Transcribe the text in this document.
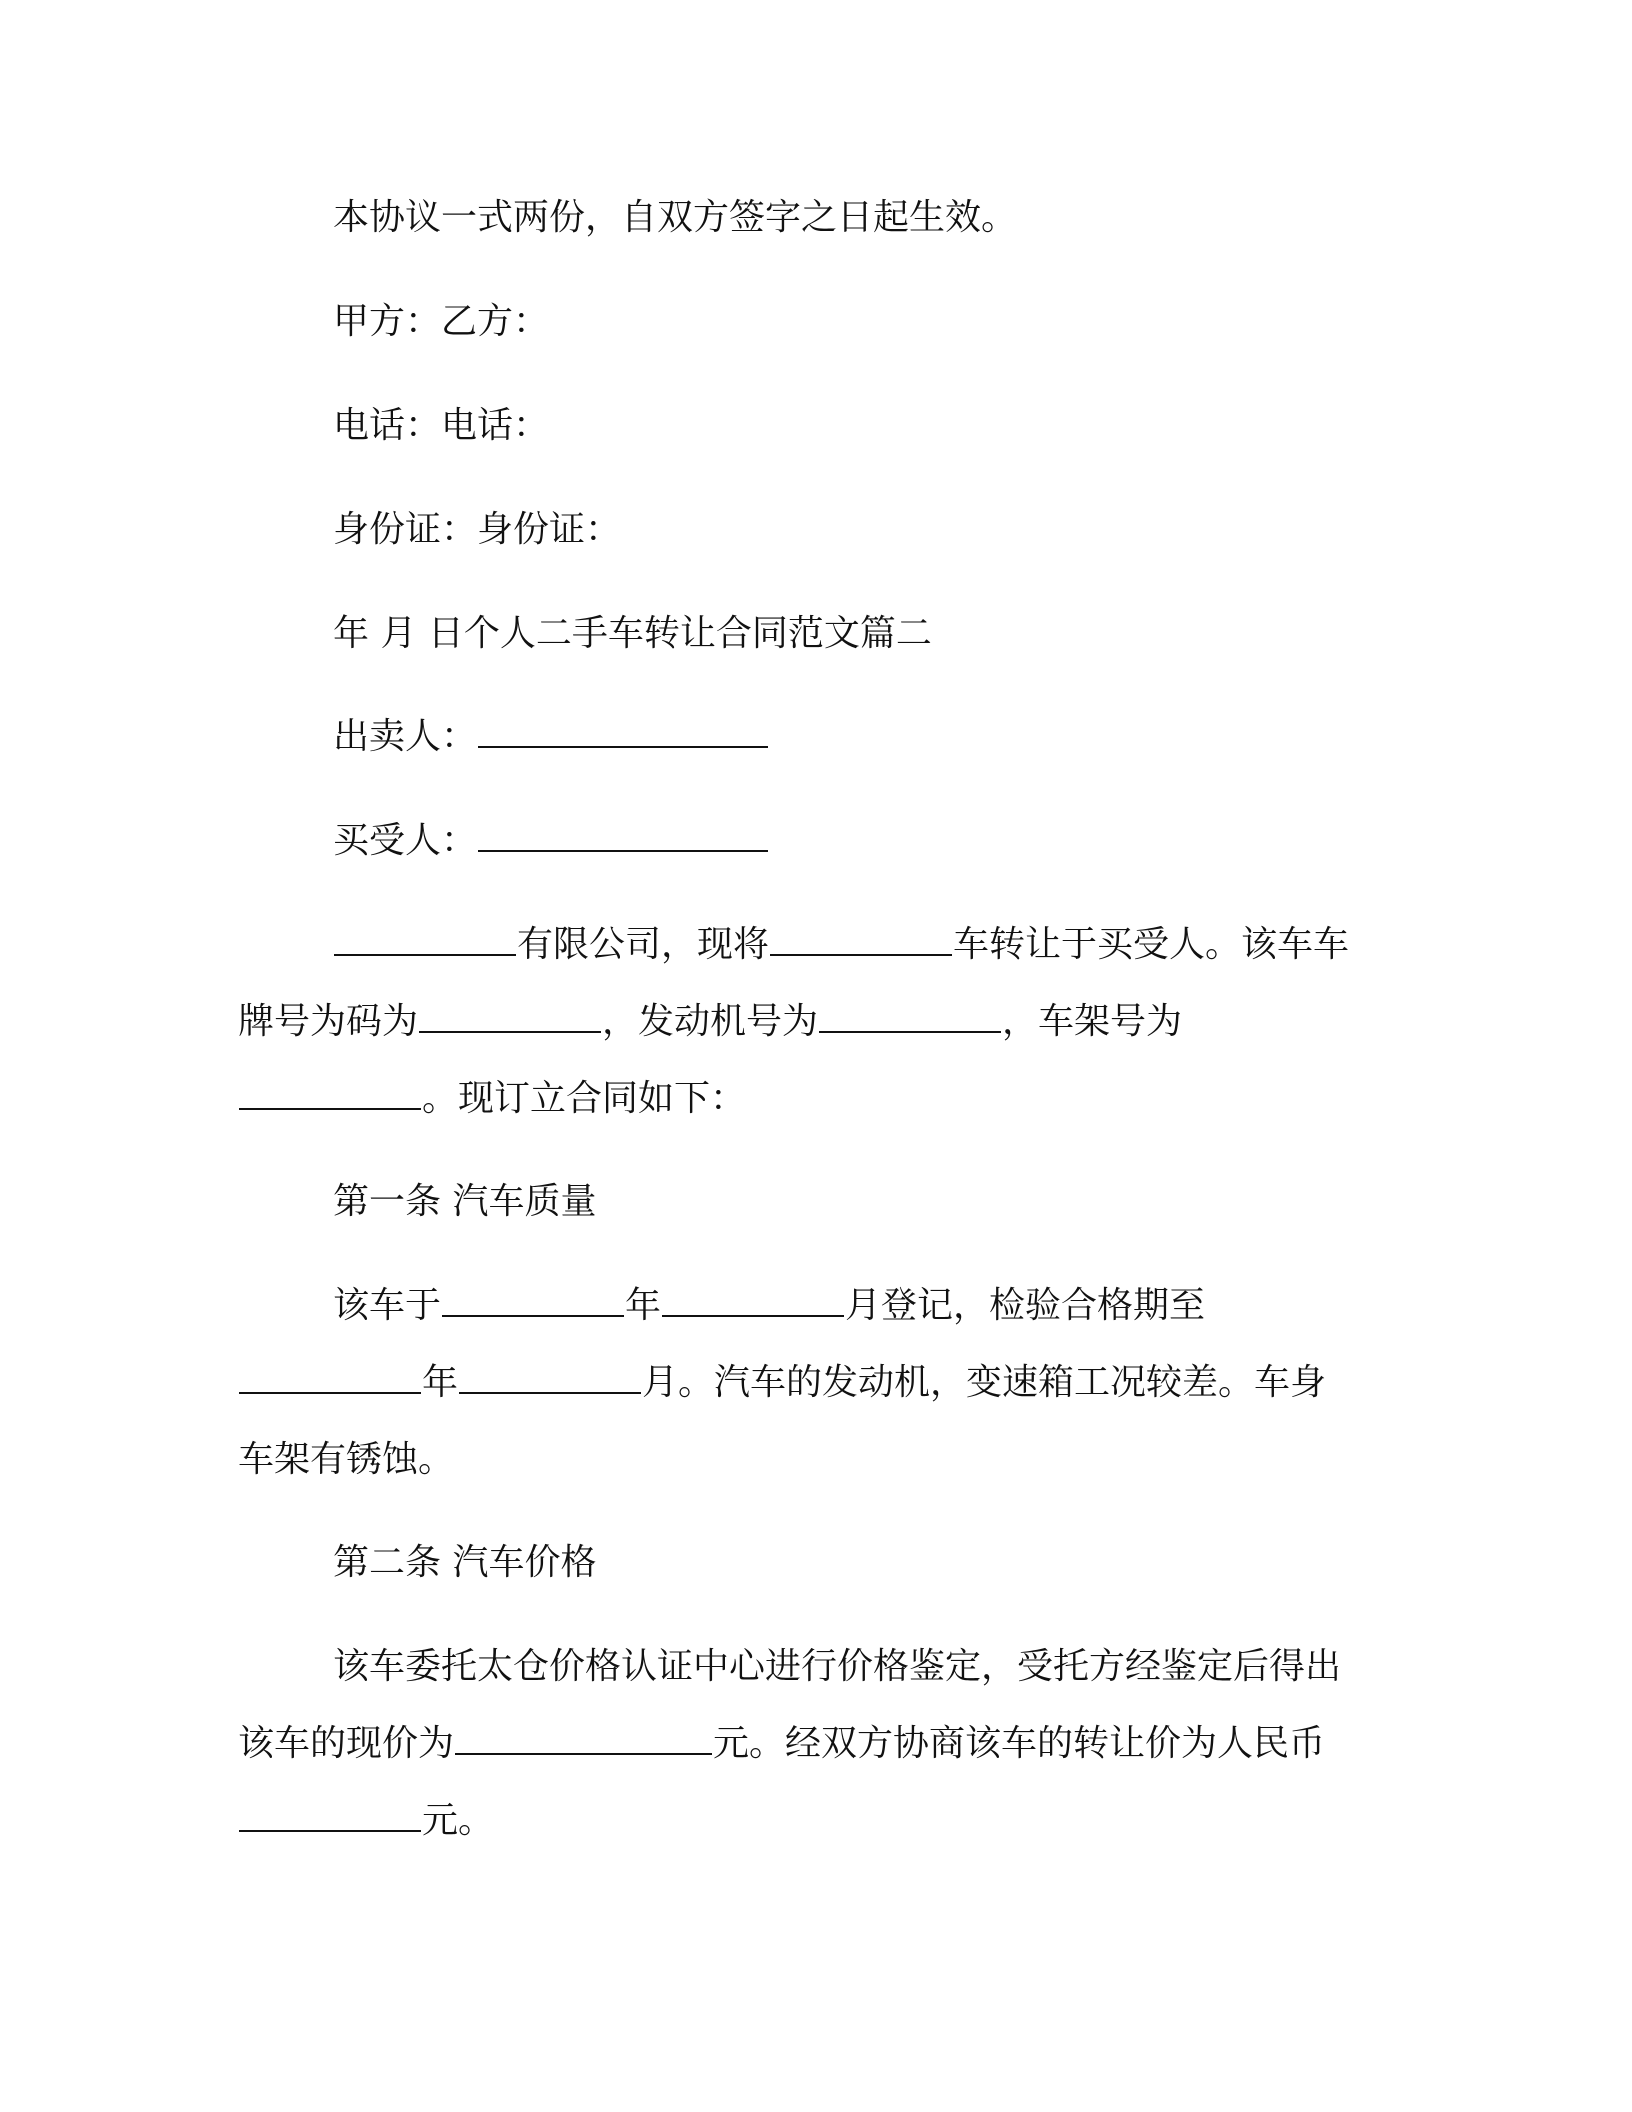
本协议一式两份，自双方签字之日起生效。
甲方：乙方：
电话：电话：
身份证：身份证：
年 月 日个人二手车转让合同范文篇二
出卖人：
买受人：
有限公司，现将	车转让于买受人。该车车
牌号为码为	，发动机号为	，车架号为
。现订立合同如下：
第一条 汽车质量
该车于	年	月登记，检验合格期至
年	月。汽车的发动机，变速箱工况较差。车身
车架有锈蚀。
第二条 汽车价格
该车委托太仓价格认证中心进行价格鉴定，受托方经鉴定后得出
该车的现价为	元。经双方协商该车的转让价为人民币
元。
